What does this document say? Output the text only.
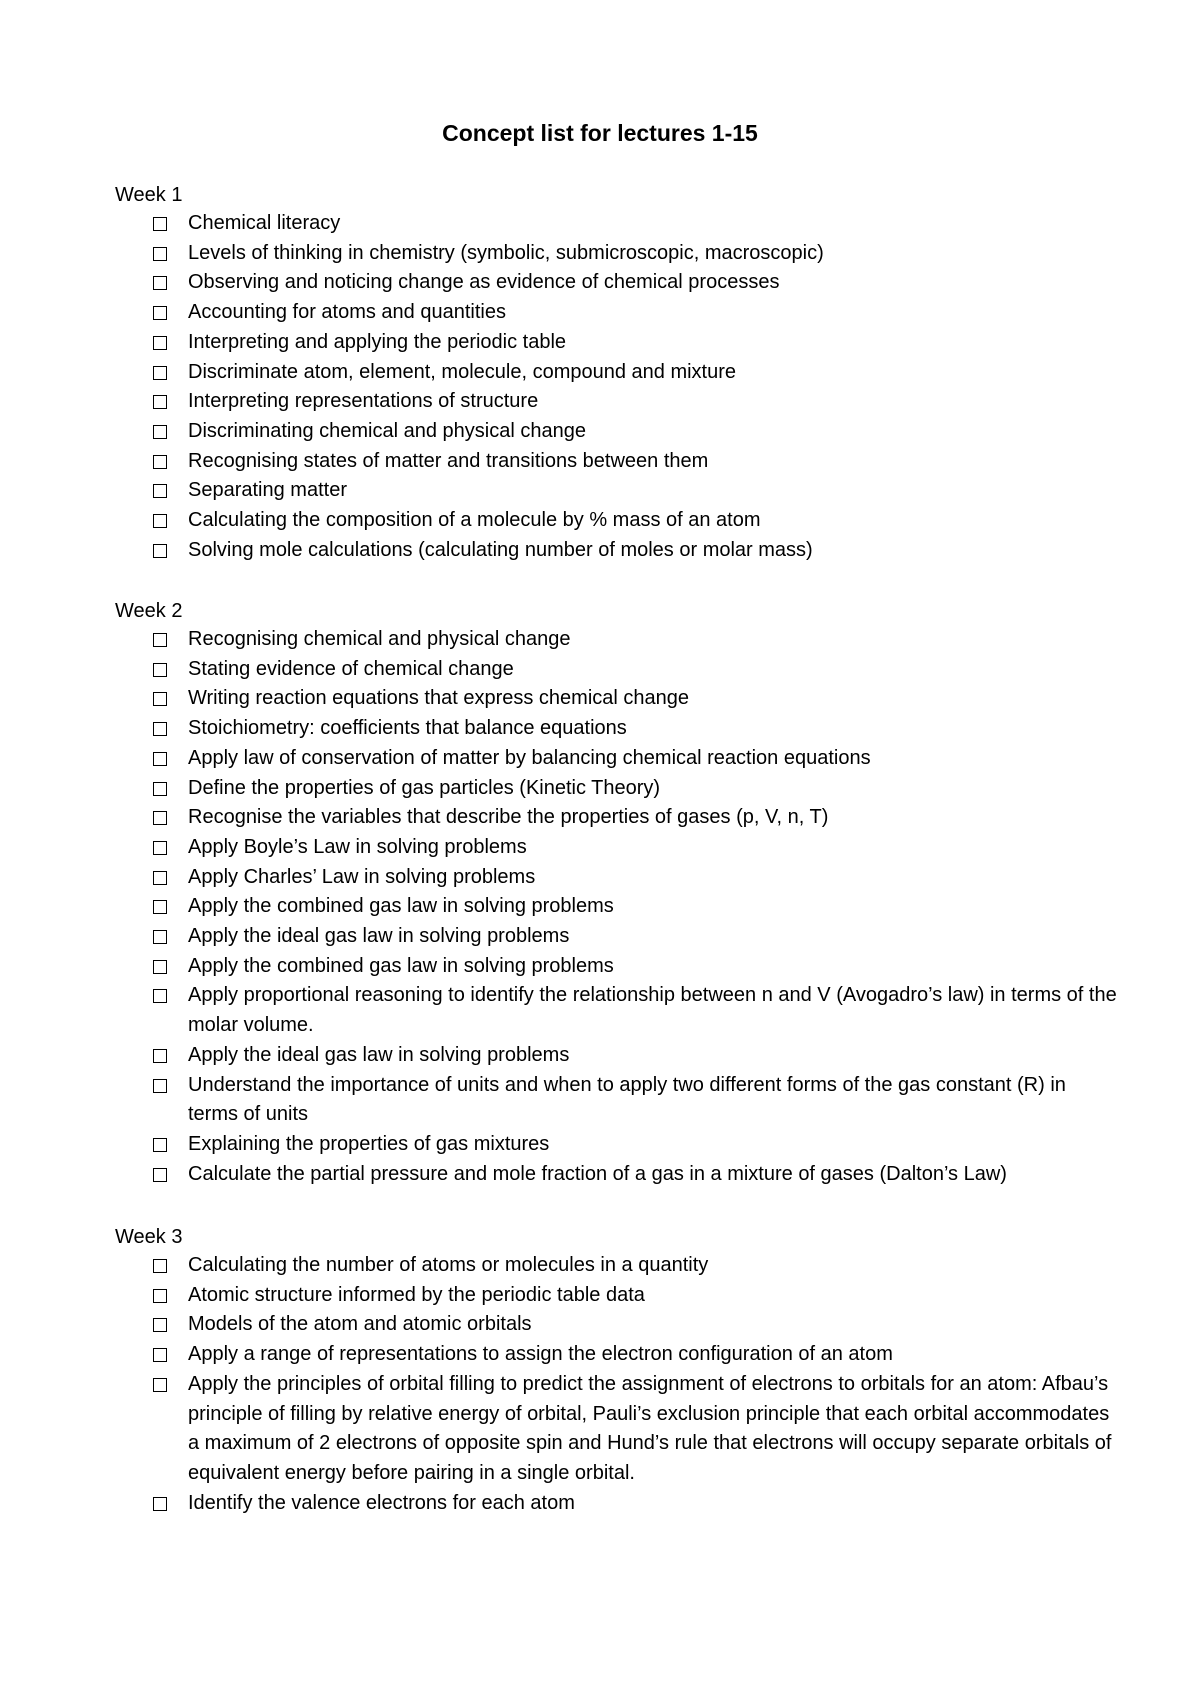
Concept list for lectures 1-15
Week 1
Chemical literacy
Levels of thinking in chemistry (symbolic, submicroscopic, macroscopic)
Observing and noticing change as evidence of chemical processes
Accounting for atoms and quantities
Interpreting and applying the periodic table
Discriminate atom, element, molecule, compound and mixture
Interpreting representations of structure
Discriminating chemical and physical change
Recognising states of matter and transitions between them
Separating matter
Calculating the composition of a molecule by % mass of an atom
Solving mole calculations (calculating number of moles or molar mass)
Week 2
Recognising chemical and physical change
Stating evidence of chemical change
Writing reaction equations that express chemical change
Stoichiometry: coefficients that balance equations
Apply law of conservation of matter by balancing chemical reaction equations
Define the properties of gas particles (Kinetic Theory)
Recognise the variables that describe the properties of gases (p, V, n, T)
Apply Boyle’s Law in solving problems
Apply Charles’ Law in solving problems
Apply the combined gas law in solving problems
Apply the ideal gas law in solving problems
Apply the combined gas law in solving problems
Apply proportional reasoning to identify the relationship between n and V (Avogadro’s law) in terms of the molar volume.
Apply the ideal gas law in solving problems
Understand the importance of units and when to apply two different forms of the gas constant (R) in terms of units
Explaining the properties of gas mixtures
Calculate the partial pressure and mole fraction of a gas in a mixture of gases (Dalton’s Law)
Week 3
Calculating the number of atoms or molecules in a quantity
Atomic structure informed by the periodic table data
Models of the atom and atomic orbitals
Apply a range of representations to assign the electron configuration of an atom
Apply the principles of orbital filling to predict the assignment of electrons to orbitals for an atom: Afbau’s principle of filling by relative energy of orbital, Pauli’s exclusion principle that each orbital accommodates a maximum of 2 electrons of opposite spin and Hund’s rule that electrons will occupy separate orbitals of equivalent energy before pairing in a single orbital.
Identify the valence electrons for each atom
